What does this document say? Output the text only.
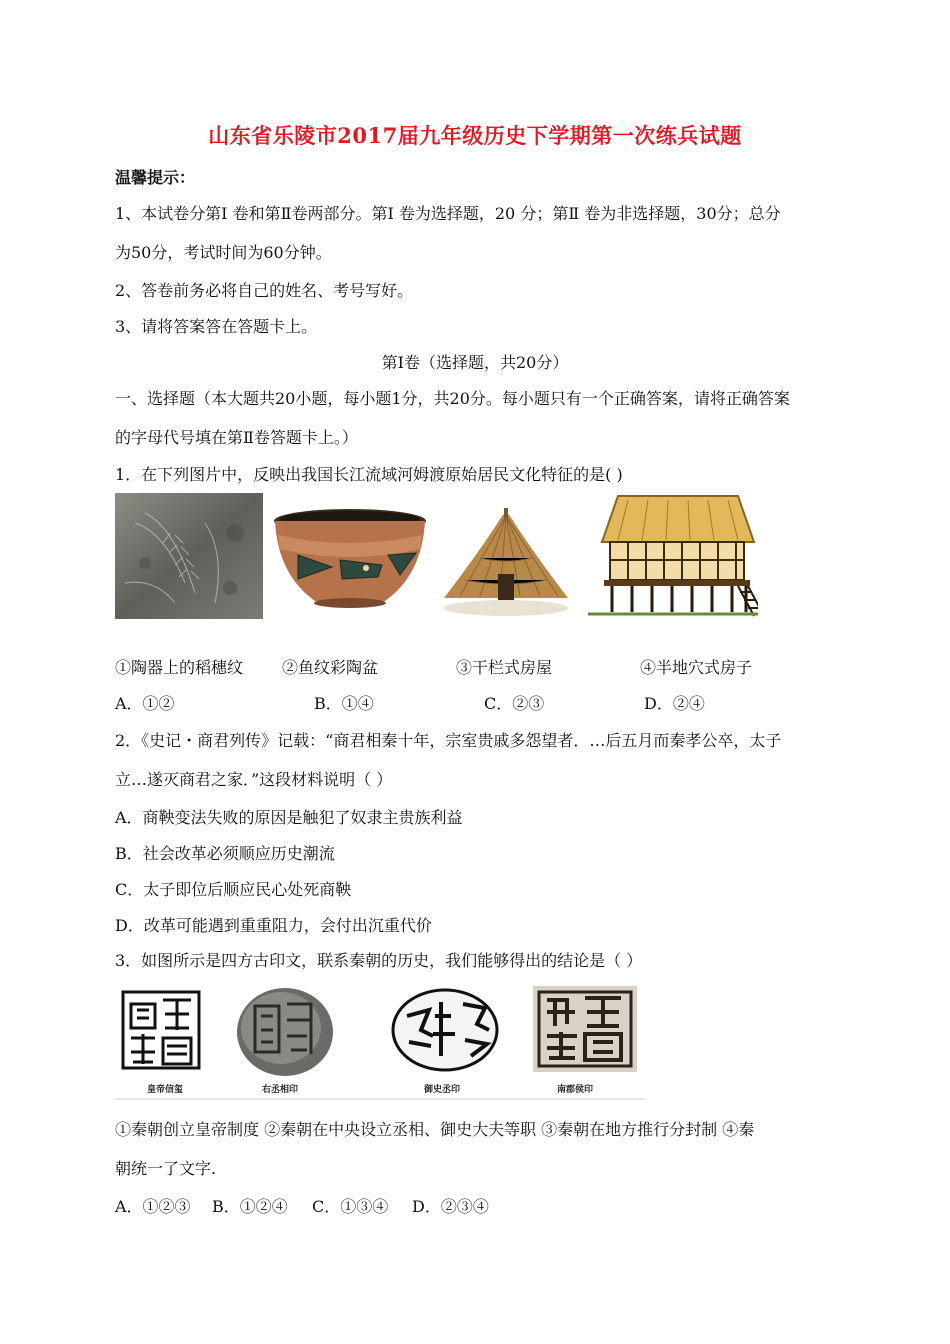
山东省乐陵市2017届九年级历史下学期第一次练兵试题
温馨提示：
1、本试卷分第Ⅰ 卷和第Ⅱ卷两部分。第Ⅰ 卷为选择题，20 分；第Ⅱ 卷为非选择题，30分；总分
为50分，考试时间为60分钟。
2、答卷前务必将自己的姓名、考号写好。
3、请将答案答在答题卡上。
第Ⅰ卷（选择题，共20分）
一、选择题（本大题共20小题，每小题1分，共20分。每小题只有一个正确答案，请将正确答案
的字母代号填在第Ⅱ卷答题卡上。）
1．在下列图片中，反映出我国长江流域河姆渡原始居民文化特征的是( )
①陶器上的稻穗纹 ②鱼纹彩陶盆	③干栏式房屋	④半地穴式房子
A．①②	B．①④	C．②③	D．②④
2．《史记・商君列传》记载：“商君相秦十年，宗室贵戚多怨望者．…后五月而秦孝公卒，太子
立…遂灭商君之家．”这段材料说明（ ）
A．商鞅变法失败的原因是触犯了奴隶主贵族利益
B．社会改革必须顺应历史潮流
C．太子即位后顺应民心处死商鞅
D．改革可能遇到重重阻力，会付出沉重代价
3．如图所示是四方古印文，联系秦朝的历史，我们能够得出的结论是（ ）
皇帝信玺	右丞相印	御史丞印	南郡侯印
①秦朝创立皇帝制度 ②秦朝在中央设立丞相、御史大夫等职 ③秦朝在地方推行分封制 ④秦
朝统一了文字.
A．①②③ B．①②④ C．①③④ D．②③④
